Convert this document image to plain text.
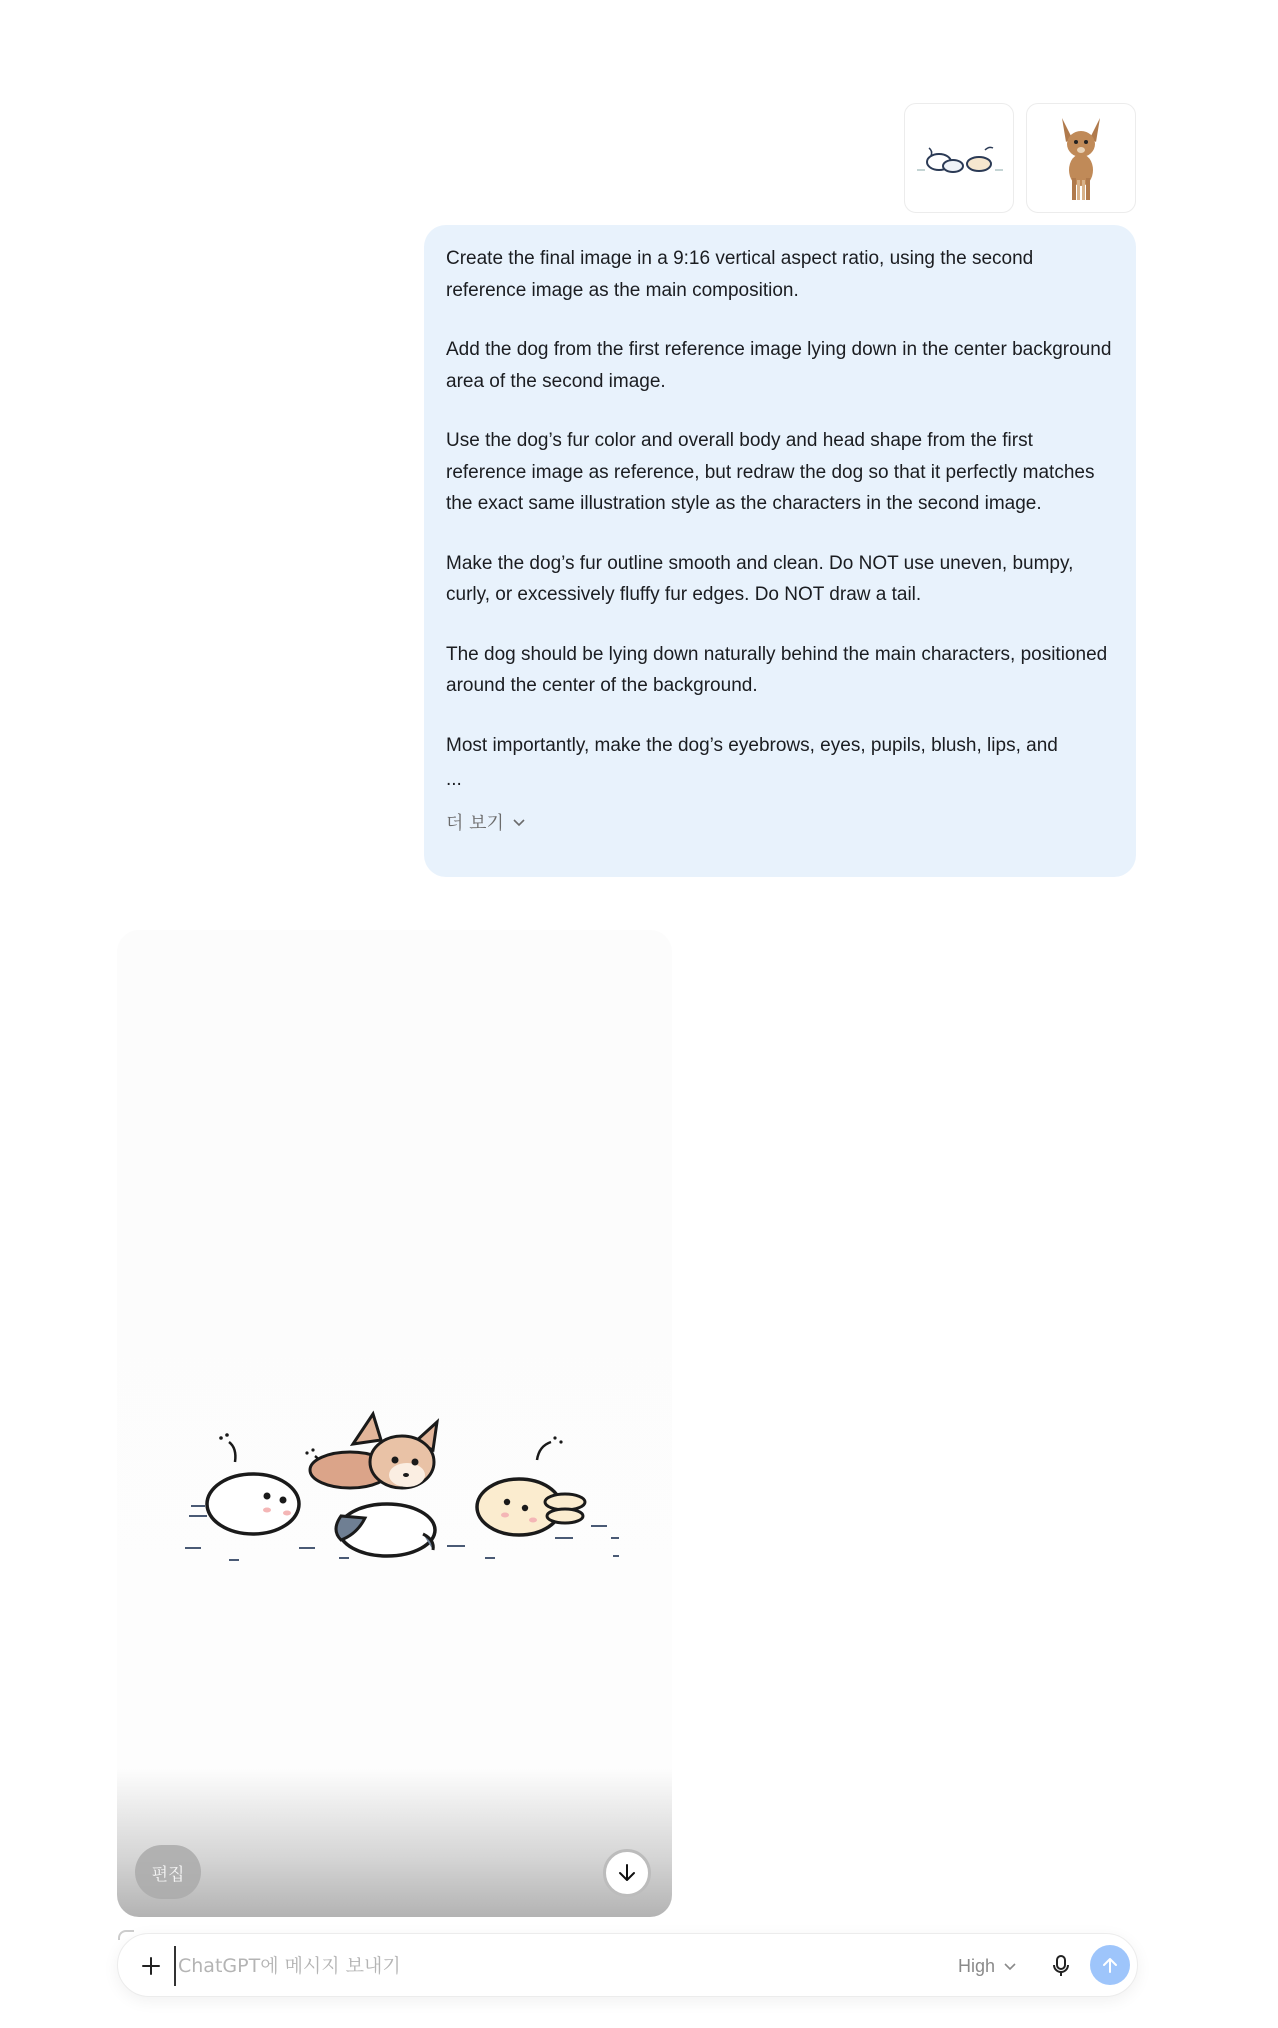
Create the final image in a 9:16 vertical aspect ratio, using the second reference image as the main composition.

Add the dog from the first reference image lying down in the center background area of the second image.

Use the dog’s fur color and overall body and head shape from the first reference image as reference, but redraw the dog so that it perfectly matches the exact same illustration style as the characters in the second image.

Make the dog’s fur outline smooth and clean. Do NOT use uneven, bumpy, curly, or excessively fluffy fur edges. Do NOT draw a tail.

The dog should be lying down naturally behind the main characters, positioned around the center of the background.

Most importantly, make the dog’s eyebrows, eyes, pupils, blush, lips, and

...
더 보기
편집
ChatGPT에 메시지 보내기
High
